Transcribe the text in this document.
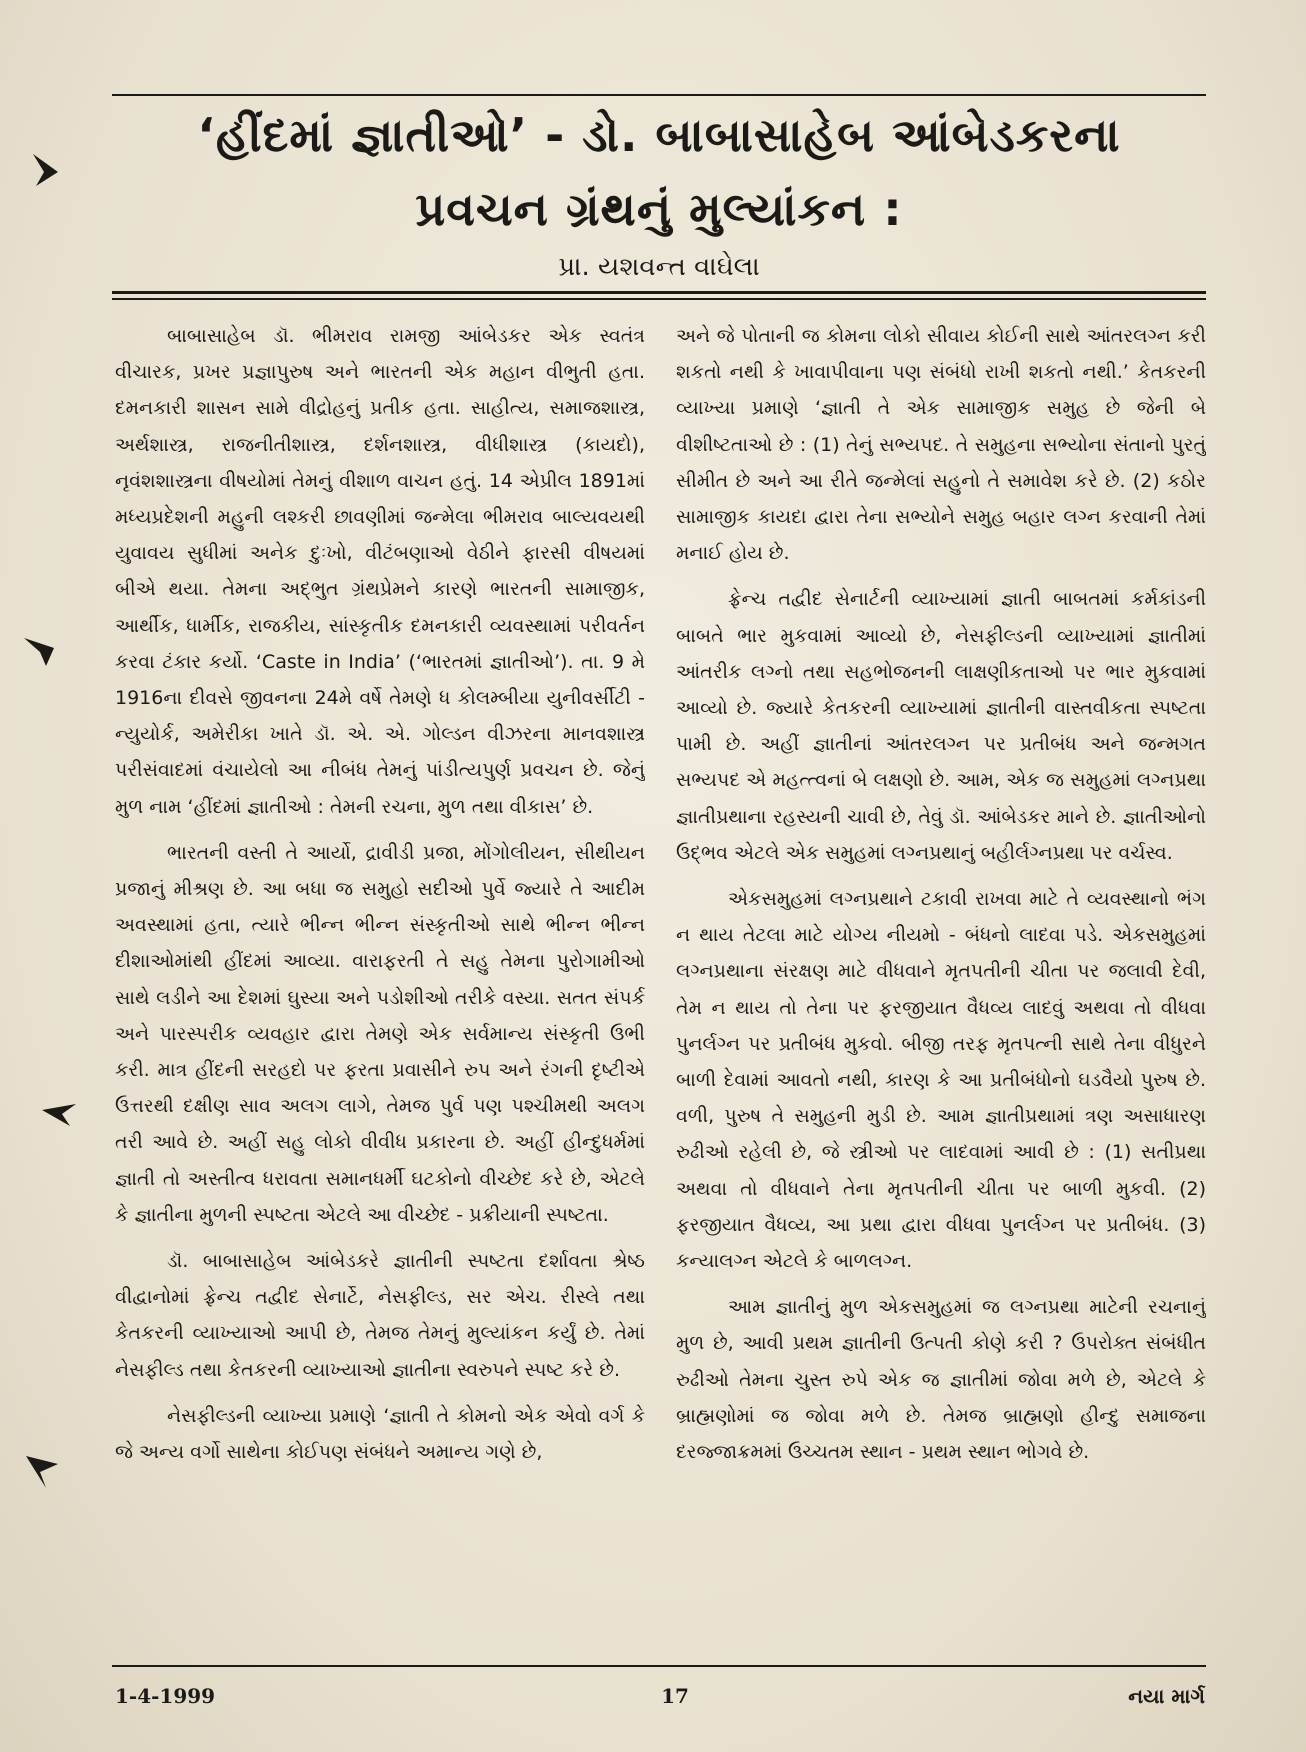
‘હીંદમાં જ્ઞાતીઓ’ - ડો. બાબાસાહેબ આંબેડકરના
પ્રવચન ગ્રંથનું મુલ્યાંકન :
પ્રા. યશવન્ત વાઘેલા

બાબાસાહેબ ડૉ. ભીમરાવ રામજી આંબેડકર એક સ્વતંત્ર વીચારક, પ્રખર પ્રજ્ઞાપુરુષ અને ભારતની એક મહાન વીભુતી હતા. દમનકારી શાસન સામે વીદ્રોહનું પ્રતીક હતા. સાહીત્ય, સમાજશાસ્ત્ર, અર્થશાસ્ત્ર, રાજનીતીશાસ્ત્ર, દર્શનશાસ્ત્ર, વીધીશાસ્ત્ર (કાયદો), નૃવંશશાસ્ત્રના વીષયોમાં તેમનું વીશાળ વાચન હતું. 14 એપ્રીલ 1891માં મધ્યપ્રદેશની મહુની લશ્કરી છાવણીમાં જન્મેલા ભીમરાવ બાલ્યવયથી યુવાવય સુધીમાં અનેક દુઃખો, વીટંબણાઓ વેઠીને ફારસી વીષયમાં બીએ થયા. તેમના અદ્ભુત ગ્રંથપ્રેમને કારણે ભારતની સામાજીક, આર્થીક, ધાર્મીક, રાજકીય, સાંસ્કૃતીક દમનકારી વ્યવસ્થામાં પરીવર્તન કરવા ટંકાર કર્યો. ‘Caste in India’ (‘ભારતમાં જ્ઞાતીઓ’). તા. 9 મે 1916ના દીવસે જીવનના 24મે વર્ષે તેમણે ધ કોલમ્બીયા યુનીવર્સીટી - ન્યુયોર્ક, અમેરીકા ખાતે ડૉ. એ. એ. ગોલ્ડન વીઝરના માનવશાસ્ત્ર પરીસંવાદમાં વંચાયેલો આ નીબંધ તેમનું પાંડીત્યપુર્ણ પ્રવચન છે. જેનું મુળ નામ ‘હીંદમાં જ્ઞાતીઓ : તેમની રચના, મુળ તથા વીકાસ’ છે.

ભારતની વસ્તી તે આર્યો, દ્રાવીડી પ્રજા, મોંગોલીયન, સીથીયન પ્રજાનું મીશ્રણ છે. આ બધા જ સમુહો સદીઓ પુર્વે જ્યારે તે આદીમ અવસ્થામાં હતા, ત્યારે ભીન્ન ભીન્ન સંસ્કૃતીઓ સાથે ભીન્ન ભીન્ન દીશાઓમાંથી હીંદમાં આવ્યા. વારાફરતી તે સહુ તેમના પુરોગામીઓ સાથે લડીને આ દેશમાં ઘુસ્યા અને પડોશીઓ તરીકે વસ્યા. સતત સંપર્ક અને પારસ્પરીક વ્યવહાર દ્વારા તેમણે એક સર્વમાન્ય સંસ્કૃતી ઉભી કરી. માત્ર હીંદની સરહદો પર ફરતા પ્રવાસીને રુપ અને રંગની દૃષ્ટીએ ઉત્તરથી દક્ષીણ સાવ અલગ લાગે, તેમજ પુર્વ પણ પશ્ચીમથી અલગ તરી આવે છે. અહીં સહુ લોકો વીવીધ પ્રકારના છે. અહીં હીન્દુધર્મમાં જ્ઞાતી તો અસ્તીત્વ ધરાવતા સમાનધર્મી ઘટકોનો વીચ્છેદ કરે છે, એટલે કે જ્ઞાતીના મુળની સ્પષ્ટતા એટલે આ વીચ્છેદ - પ્રક્રીયાની સ્પષ્ટતા.

ડૉ. બાબાસાહેબ આંબેડકરે જ્ઞાતીની સ્પષ્ટતા દર્શાવતા શ્રેષ્ઠ વીદ્વાનોમાં ફ્રેન્ચ તદ્વીદ સેનાર્ટે, નેસફીલ્ડ, સર એચ. રીસ્લે તથા કેતકરની વ્યાખ્યાઓ આપી છે, તેમજ તેમનું મુલ્યાંકન કર્યું છે. તેમાં નેસફીલ્ડ તથા કેતકરની વ્યાખ્યાઓ જ્ઞાતીના સ્વરુપને સ્પષ્ટ કરે છે.

નેસફીલ્ડની વ્યાખ્યા પ્રમાણે ‘જ્ઞાતી તે કોમનો એક એવો વર્ગ કે જે અન્ય વર્ગો સાથેના કોઈપણ સંબંધને અમાન્ય ગણે છે,

અને જે પોતાની જ કોમના લોકો સીવાય કોઈની સાથે આંતરલગ્ન કરી શકતો નથી કે ખાવાપીવાના પણ સંબંધો રાખી શકતો નથી.’ કેતકરની વ્યાખ્યા પ્રમાણે ‘જ્ઞાતી તે એક સામાજીક સમુહ છે જેની બે વીશીષ્ટતાઓ છે : (1) તેનું સભ્યપદ. તે સમુહના સભ્યોના સંતાનો પુરતું સીમીત છે અને આ રીતે જન્મેલાં સહુનો તે સમાવેશ કરે છે. (2) કઠોર સામાજીક કાયદા દ્વારા તેના સભ્યોને સમુહ બહાર લગ્ન કરવાની તેમાં મનાઈ હોય છે.

ફ્રેન્ચ તદ્વીદ સેનાર્ટની વ્યાખ્યામાં જ્ઞાતી બાબતમાં કર્મકાંડની બાબતે ભાર મુકવામાં આવ્યો છે, નેસફીલ્ડની વ્યાખ્યામાં જ્ઞાતીમાં આંતરીક લગ્નો તથા સહભોજનની લાક્ષણીકતાઓ પર ભાર મુકવામાં આવ્યો છે. જ્યારે કેતકરની વ્યાખ્યામાં જ્ઞાતીની વાસ્તવીકતા સ્પષ્ટતા પામી છે. અહીં જ્ઞાતીનાં આંતરલગ્ન પર પ્રતીબંધ અને જન્મગત સભ્યપદ એ મહત્ત્વનાં બે લક્ષણો છે. આમ, એક જ સમુહમાં લગ્નપ્રથા જ્ઞાતીપ્રથાના રહસ્યની ચાવી છે, તેવું ડૉ. આંબેડકર માને છે. જ્ઞાતીઓનો ઉદ્ભવ એટલે એક સમુહમાં લગ્નપ્રથાનું બહીર્લગ્નપ્રથા પર વર્ચસ્વ.

એકસમુહમાં લગ્નપ્રથાને ટકાવી રાખવા માટે તે વ્યવસ્થાનો ભંગ ન થાય તેટલા માટે યોગ્ય નીયમો - બંધનો લાદવા પડે. એકસમુહમાં લગ્નપ્રથાના સંરક્ષણ માટે વીધવાને મૃતપતીની ચીતા પર જલાવી દેવી, તેમ ન થાય તો તેના પર ફરજીયાત વૈધવ્ય લાદવું અથવા તો વીધવા પુનર્લગ્ન પર પ્રતીબંધ મુકવો. બીજી તરફ મૃતપત્ની સાથે તેના વીધુરને બાળી દેવામાં આવતો નથી, કારણ કે આ પ્રતીબંધોનો ઘડવૈયો પુરુષ છે. વળી, પુરુષ તે સમુહની મુડી છે. આમ જ્ઞાતીપ્રથામાં ત્રણ અસાધારણ રુઢીઓ રહેલી છે, જે સ્ત્રીઓ પર લાદવામાં આવી છે : (1) સતીપ્રથા અથવા તો વીધવાને તેના મૃતપતીની ચીતા પર બાળી મુકવી. (2) ફરજીયાત વૈધવ્ય, આ પ્રથા દ્વારા વીધવા પુનર્લગ્ન પર પ્રતીબંધ. (3) કન્યાલગ્ન એટલે કે બાળલગ્ન.

આમ જ્ઞાતીનું મુળ એકસમુહમાં જ લગ્નપ્રથા માટેની રચનાનું મુળ છે, આવી પ્રથમ જ્ઞાતીની ઉત્પતી કોણે કરી ? ઉપરોક્ત સંબંધીત રુઢીઓ તેમના ચુસ્ત રુપે એક જ જ્ઞાતીમાં જોવા મળે છે, એટલે કે બ્રાહ્મણોમાં જ જોવા મળે છે. તેમજ બ્રાહ્મણો હીન્દુ સમાજના દરજ્જાક્રમમાં ઉચ્ચતમ સ્થાન - પ્રથમ સ્થાન ભોગવે છે.

1-4-1999	17	નયા માર્ગ
